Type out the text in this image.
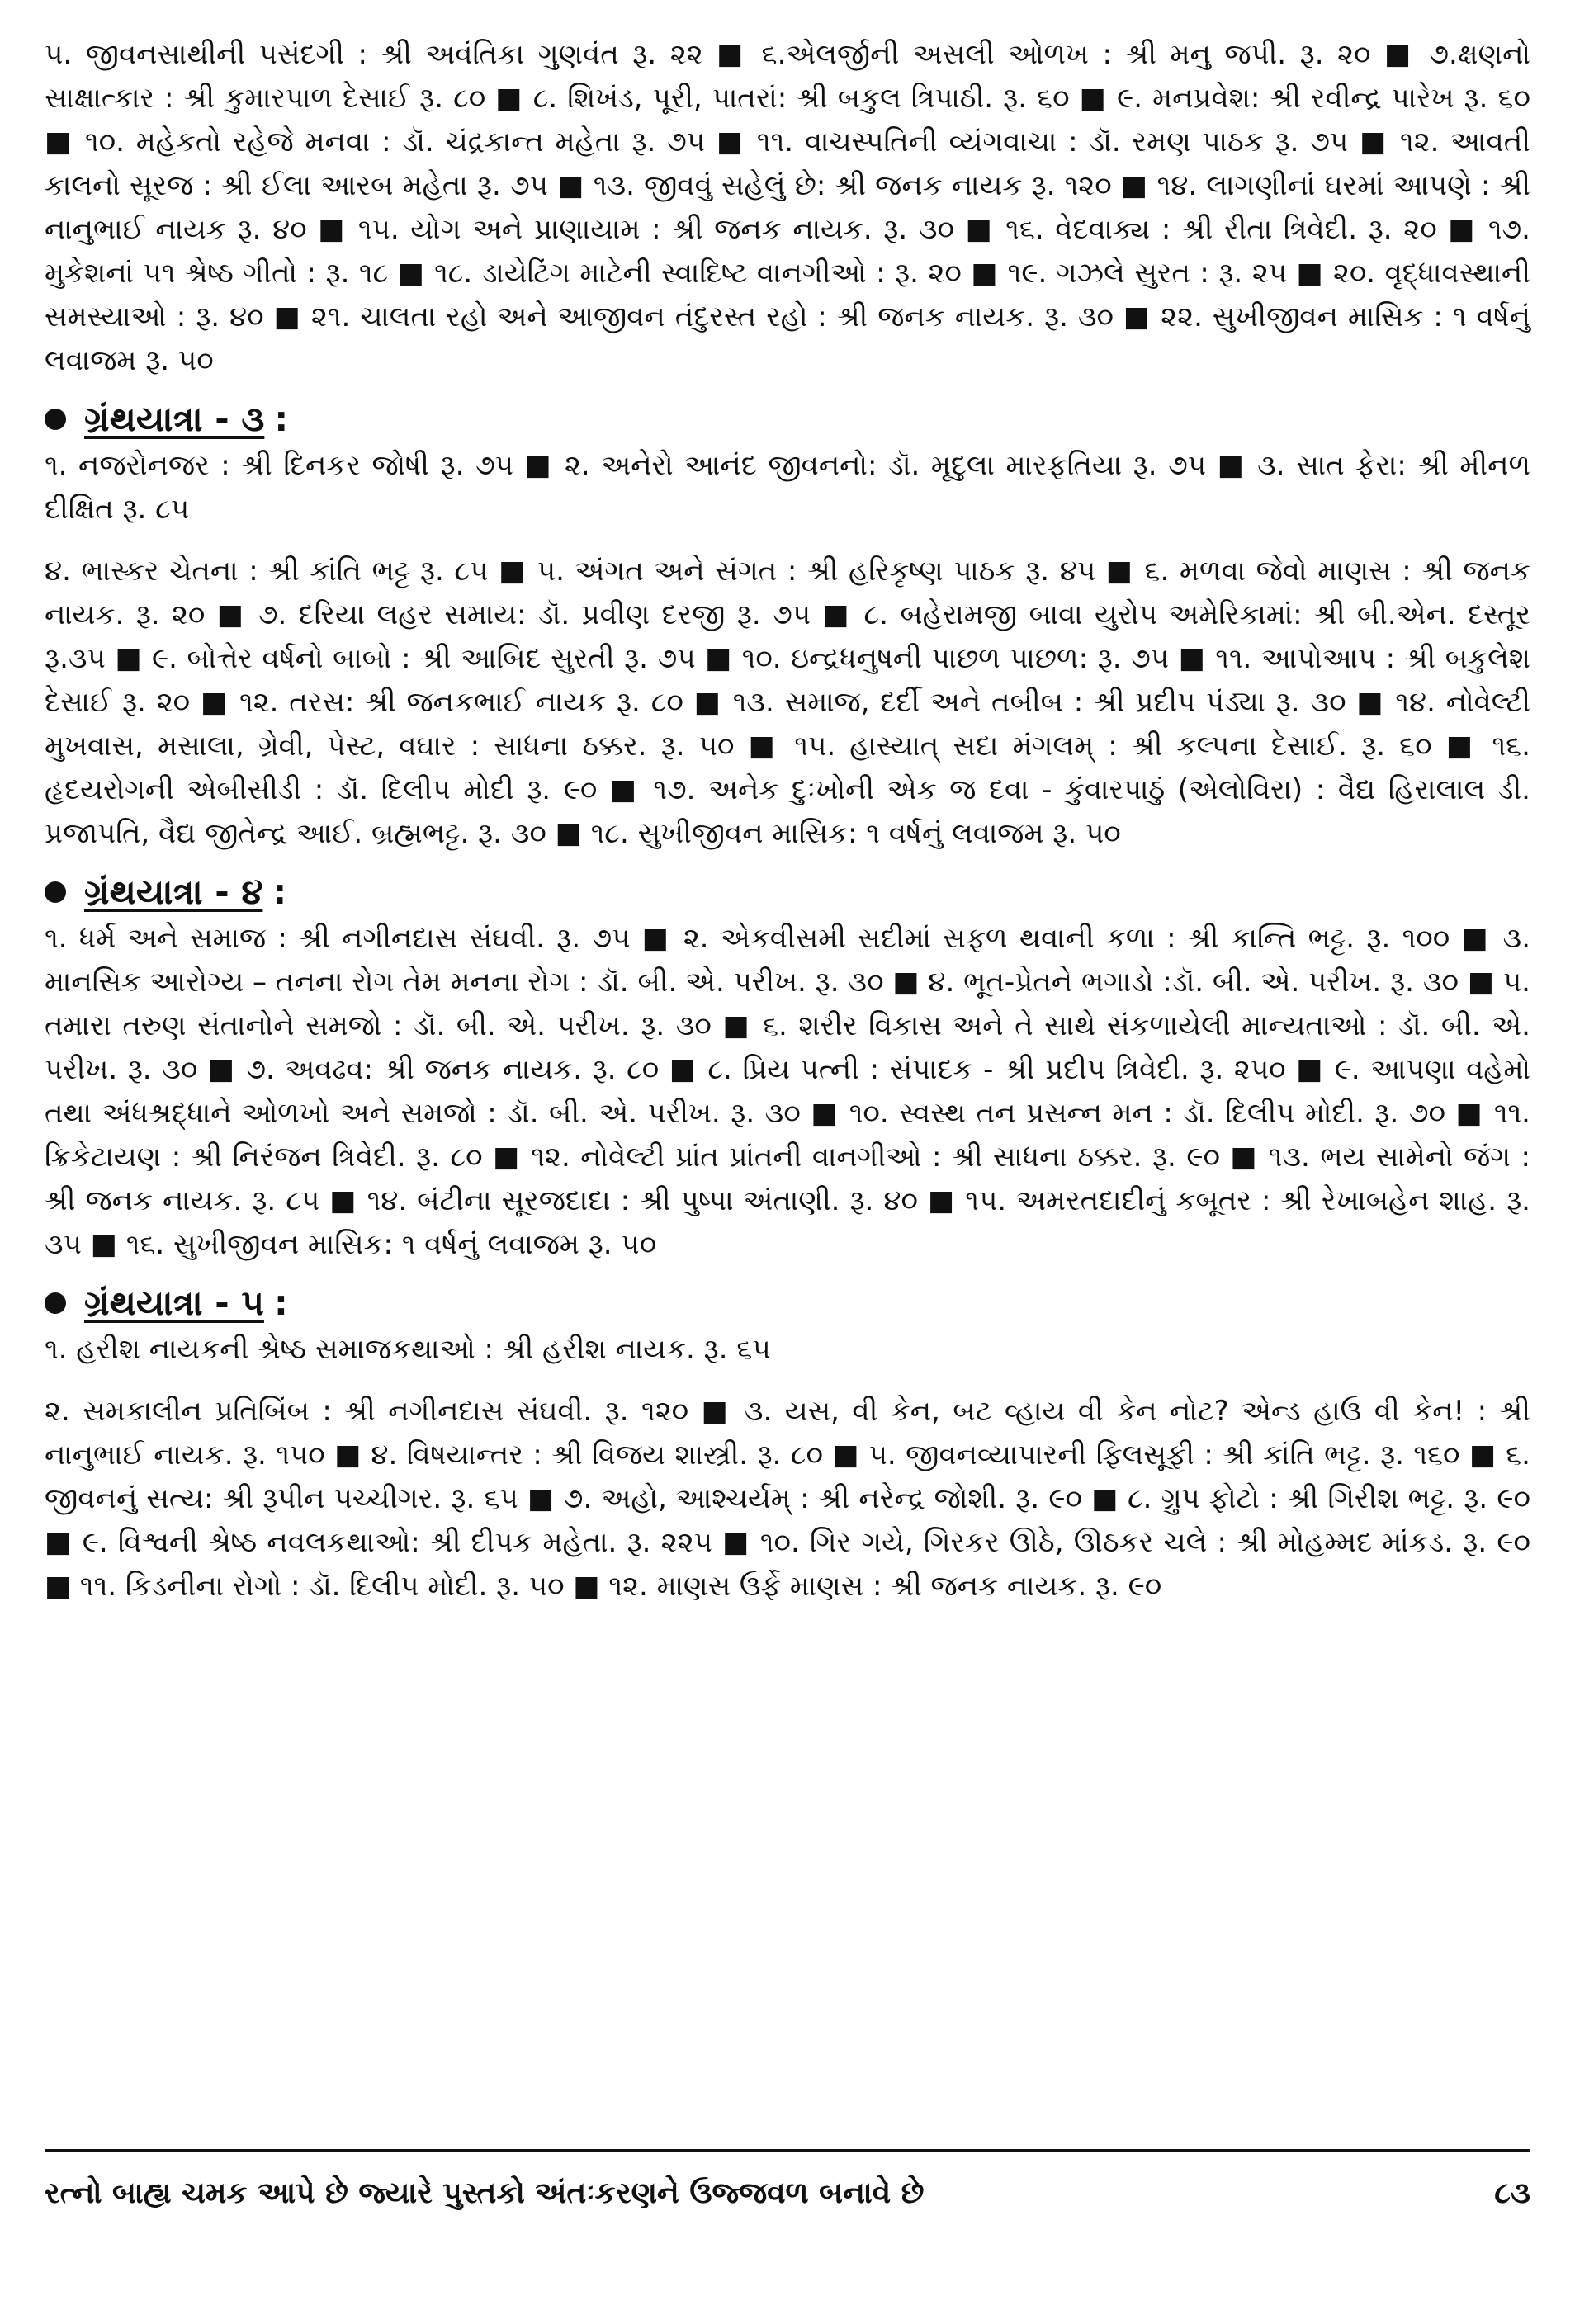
૫. જીવનસાથીની પસંદગી : શ્રી અવંતિકા ગુણવંત રૂ. ૨૨ ■ ૬.એલર્જીની અસલી ઓળખ : શ્રી મનુ જપી. રૂ. ૨૦ ■ ૭.ક્ષણનો સાક્ષાત્કાર : શ્રી કુમારપાળ દેસાઈ રૂ. ૮૦ ■ ૮. શિખંડ, પૂરી, પાતરાં: શ્રી બકુલ ત્રિપાઠી. રૂ. ૬૦ ■ ૯. મનપ્રવેશ: શ્રી રવીન્દ્ર પારેખ રૂ. ૬૦ ■ ૧૦. મહેકતો રહેજે મનવા : ડૉ. ચંદ્રકાન્ત મહેતા રૂ. ૭૫ ■ ૧૧. વાચસ્પતિની વ્યંગવાચા : ડૉ. રમણ પાઠક રૂ. ૭૫ ■ ૧૨. આવતી કાલનો સૂરજ : શ્રી ઈલા આરબ મહેતા રૂ. ૭૫ ■ ૧૩. જીવવું સહેલું છે: શ્રી જનક નાયક રૂ. ૧૨૦ ■ ૧૪. લાગણીનાં ઘરમાં આપણે : શ્રી નાનુભાઈ નાયક રૂ. ૪૦ ■ ૧૫. યોગ અને પ્રાણાયામ : શ્રી જનક નાયક. રૂ. ૩૦ ■ ૧૬. વેદવાક્ય : શ્રી રીતા ત્રિવેદી. રૂ. ૨૦ ■ ૧૭. મુકેશનાં ૫૧ શ્રેષ્ઠ ગીતો : રૂ. ૧૮ ■ ૧૮. ડાયેટિંગ માટેની સ્વાદિષ્ટ વાનગીઓ : રૂ. ૨૦ ■ ૧૯. ગઝલે સુરત : રૂ. ૨૫ ■ ૨૦. વૃદ્ધાવસ્થાની સમસ્યાઓ : રૂ. ૪૦ ■ ૨૧. ચાલતા રહો અને આજીવન તંદુરસ્ત રહો : શ્રી જનક નાયક. રૂ. ૩૦ ■ ૨૨. સુખીજીવન માસિક : ૧ વર્ષનું લવાજમ રૂ. ૫૦

ગ્રંથયાત્રા - ૩ :

૧. નજરોનજર : શ્રી દિનકર જોષી રૂ. ૭૫ ■ ૨. અનેરો આનંદ જીવનનો: ડૉ. મૃદુલા મારફતિયા રૂ. ૭૫ ■ ૩. સાત ફેરા: શ્રી મીનળ દીક્ષિત રૂ. ૮૫

૪. ભાસ્કર ચેતના : શ્રી કાંતિ ભટ્ટ રૂ. ૮૫ ■ ૫. અંગત અને સંગત : શ્રી હરિકૃષ્ણ પાઠક રૂ. ૪૫ ■ ૬. મળવા જેવો માણસ : શ્રી જનક નાયક. રૂ. ૨૦ ■ ૭. દરિયા લહર સમાય: ડૉ. પ્રવીણ દરજી રૂ. ૭૫ ■ ૮. બહેરામજી બાવા યુરોપ અમેરિકામાં: શ્રી બી.એન. દસ્તૂર રૂ.૩૫ ■ ૯. બોત્તેર વર્ષનો બાબો : શ્રી આબિદ સુરતી રૂ. ૭૫ ■ ૧૦. ઇન્દ્રધનુષની પાછળ પાછળ: રૂ. ૭૫ ■ ૧૧. આપોઆપ : શ્રી બકુલેશ દેસાઈ રૂ. ૨૦ ■ ૧૨. તરસ: શ્રી જનકભાઈ નાયક રૂ. ૮૦ ■ ૧૩. સમાજ, દર્દી અને તબીબ : શ્રી પ્રદીપ પંડ્યા રૂ. ૩૦ ■ ૧૪. નોવેલ્ટી મુખવાસ, મસાલા, ગ્રેવી, પેસ્ટ, વઘાર : સાધના ઠક્કર. રૂ. ૫૦ ■ ૧૫. હાસ્યાત્ સદા મંગલમ્ : શ્રી કલ્પના દેસાઈ. રૂ. ૬૦ ■ ૧૬. હૃદયરોગની એબીસીડી : ડૉ. દિલીપ મોદી રૂ. ૯૦ ■ ૧૭. અનેક દુઃખોની એક જ દવા - કુંવારપાઠું (એલોવિરા) : વૈદ્ય હિરાલાલ ડી. પ્રજાપતિ, વૈદ્ય જીતેન્દ્ર આઈ. બ્રહ્મભટ્ટ. રૂ. ૩૦ ■ ૧૮. સુખીજીવન માસિક: ૧ વર્ષનું લવાજમ રૂ. ૫૦

ગ્રંથયાત્રા - ૪ :

૧. ધર્મ અને સમાજ : શ્રી નગીનદાસ સંઘવી. રૂ. ૭૫ ■ ૨. એકવીસમી સદીમાં સફળ થવાની કળા : શ્રી કાન્તિ ભટ્ટ. રૂ. ૧૦૦ ■ ૩. માનસિક આરોગ્ય – તનના રોગ તેમ મનના રોગ : ડૉ. બી. એ. પરીખ. રૂ. ૩૦ ■ ૪. ભૂત-પ્રેતને ભગાડો :ડૉ. બી. એ. પરીખ. રૂ. ૩૦ ■ ૫. તમારા તરુણ સંતાનોને સમજો : ડૉ. બી. એ. પરીખ. રૂ. ૩૦ ■ ૬. શરીર વિકાસ અને તે સાથે સંકળાયેલી માન્યતાઓ : ડૉ. બી. એ. પરીખ. રૂ. ૩૦ ■ ૭. અવઢવ: શ્રી જનક નાયક. રૂ. ૮૦ ■ ૮. પ્રિય પત્ની : સંપાદક - શ્રી પ્રદીપ ત્રિવેદી. રૂ. ૨૫૦ ■ ૯. આપણા વહેમો તથા અંધશ્રદ્ધાને ઓળખો અને સમજો : ડૉ. બી. એ. પરીખ. રૂ. ૩૦ ■ ૧૦. સ્વસ્થ તન પ્રસન્ન મન : ડૉ. દિલીપ મોદી. રૂ. ૭૦ ■ ૧૧. ક્રિકેટાયણ : શ્રી નિરંજન ત્રિવેદી. રૂ. ૮૦ ■ ૧૨. નોવેલ્ટી પ્રાંત પ્રાંતની વાનગીઓ : શ્રી સાધના ઠક્કર. રૂ. ૯૦ ■ ૧૩. ભય સામેનો જંગ : શ્રી જનક નાયક. રૂ. ૮૫ ■ ૧૪. બંટીના સૂરજદાદા : શ્રી પુષ્પા અંતાણી. રૂ. ૪૦ ■ ૧૫. અમરતદાદીનું કબૂતર : શ્રી રેખાબહેન શાહ. રૂ. ૩૫ ■ ૧૬. સુખીજીવન માસિક: ૧ વર્ષનું લવાજમ રૂ. ૫૦

ગ્રંથયાત્રા - ૫ :

૧. હરીશ નાયકની શ્રેષ્ઠ સમાજકથાઓ : શ્રી હરીશ નાયક. રૂ. ૬૫

૨. સમકાલીન પ્રતિબિંબ : શ્રી નગીનદાસ સંઘવી. રૂ. ૧૨૦ ■ ૩. યસ, વી કેન, બટ વ્હાય વી કેન નોટ? એન્ડ હાઉ વી કેન! : શ્રી નાનુભાઈ નાયક. રૂ. ૧૫૦ ■ ૪. વિષયાન્તર : શ્રી વિજય શાસ્ત્રી. રૂ. ૮૦ ■ ૫. જીવનવ્યાપારની ફિલસૂફી : શ્રી કાંતિ ભટ્ટ. રૂ. ૧૬૦ ■ ૬. જીવનનું સત્ય: શ્રી રૂપીન પચ્ચીગર. રૂ. ૬૫ ■ ૭. અહો, આશ્ચર્યમ્ : શ્રી નરેન્દ્ર જોશી. રૂ. ૯૦ ■ ૮. ગ્રુપ ફોટો : શ્રી ગિરીશ ભટ્ટ. રૂ. ૯૦ ■ ૯. વિશ્વની શ્રેષ્ઠ નવલકથાઓ: શ્રી દીપક મહેતા. રૂ. ૨૨૫ ■ ૧૦. ગિર ગયે, ગિરકર ઊઠે, ઊઠકર ચલે : શ્રી મોહમ્મદ માંકડ. રૂ. ૯૦ ■ ૧૧. કિડનીના રોગો : ડૉ. દિલીપ મોદી. રૂ. ૫૦ ■ ૧૨. માણસ ઉર્ફે માણસ : શ્રી જનક નાયક. રૂ. ૯૦

રત્નો બાહ્ય ચમક આપે છે જ્યારે પુસ્તકો અંતઃકરણને ઉજ્જવળ બનાવે છે	૮૩
